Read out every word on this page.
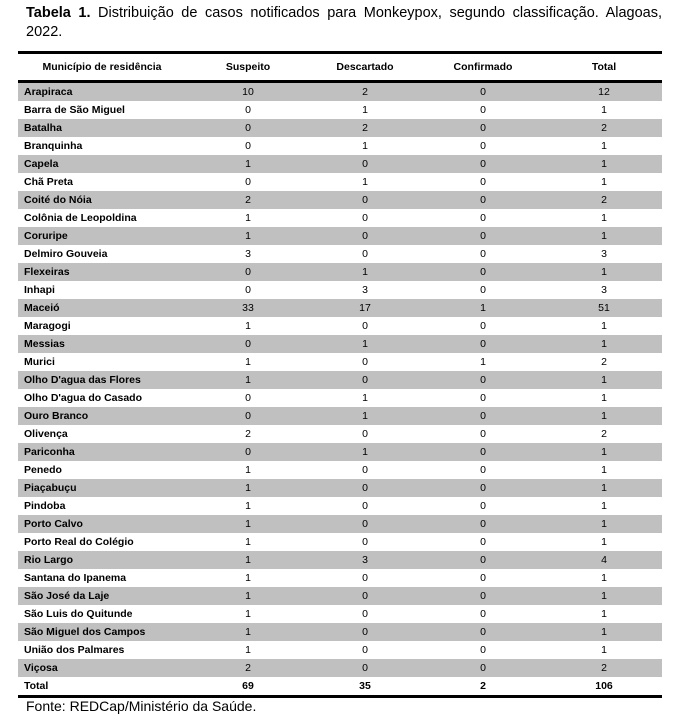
Tabela 1. Distribuição de casos notificados para Monkeypox, segundo classificação. Alagoas, 2022.
Município de residência	Suspeito	Descartado	Confirmado	Total
Arapiraca	10	2	0	12
Barra de São Miguel	0	1	0	1
Batalha	0	2	0	2
Branquinha	0	1	0	1
Capela	1	0	0	1
Chã Preta	0	1	0	1
Coité do Nóia	2	0	0	2
Colônia de Leopoldina	1	0	0	1
Coruripe	1	0	0	1
Delmiro Gouveia	3	0	0	3
Flexeiras	0	1	0	1
Inhapi	0	3	0	3
Maceió	33	17	1	51
Maragogi	1	0	0	1
Messias	0	1	0	1
Murici	1	0	1	2
Olho D'agua das Flores	1	0	0	1
Olho D'agua do Casado	0	1	0	1
Ouro Branco	0	1	0	1
Olivença	2	0	0	2
Pariconha	0	1	0	1
Penedo	1	0	0	1
Piaçabuçu	1	0	0	1
Pindoba	1	0	0	1
Porto Calvo	1	0	0	1
Porto Real do Colégio	1	0	0	1
Rio Largo	1	3	0	4
Santana do Ipanema	1	0	0	1
São José da Laje	1	0	0	1
São Luis do Quitunde	1	0	0	1
São Miguel dos Campos	1	0	0	1
União dos Palmares	1	0	0	1
Viçosa	2	0	0	2
Total	69	35	2	106
Fonte: REDCap/Ministério da Saúde.
